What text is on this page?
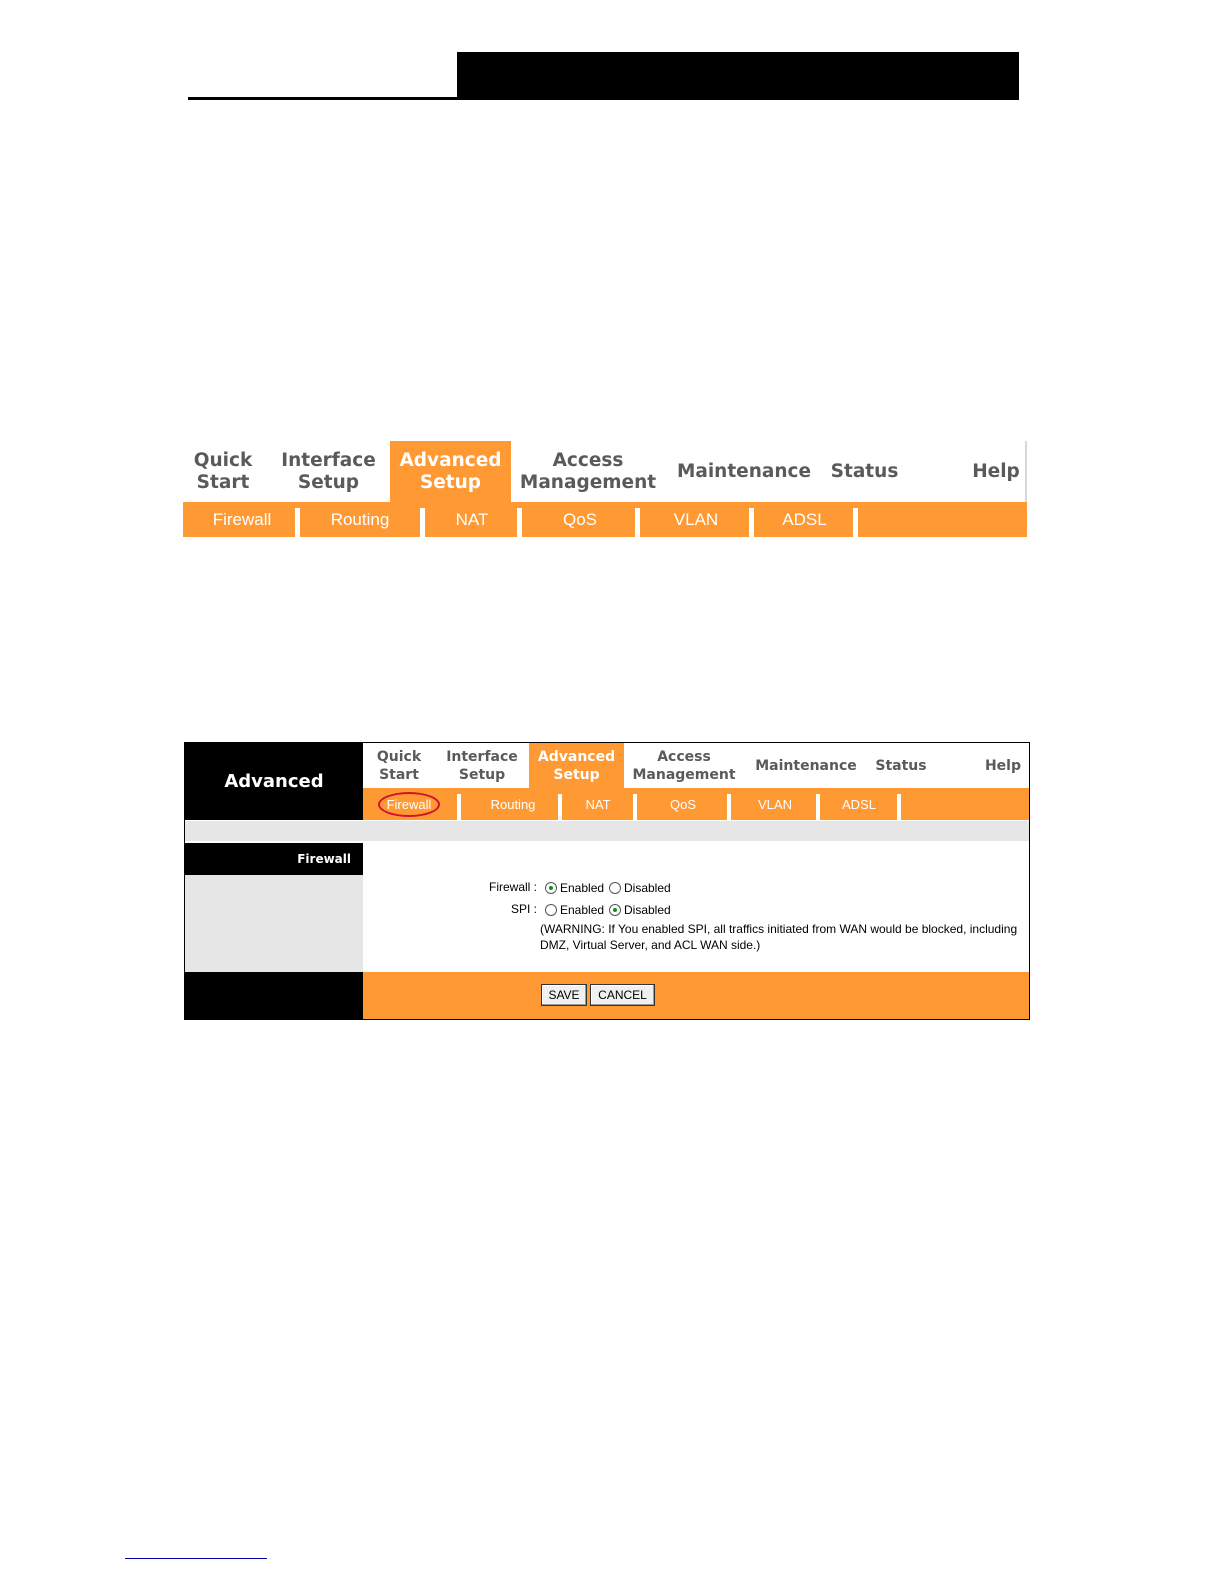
Quick
Start
Interface
Setup
Advanced
Setup
Access
Management
Maintenance Status	Help
Firewall	Routing	NAT	QoS	VLAN	ADSL
Advanced
Quick
Start
Interface
Setup
Advanced
Setup
Access
Management
Maintenance	Status	Help
Firewall	Routing	NAT	QoS	VLAN	ADSL
Firewall
Firewall : Enabled Disabled
SPI : Enabled Disabled
(WARNING: If You enabled SPI, all traffics initiated from WAN would be blocked, including DMZ, Virtual Server, and ACL WAN side.)
SAVE	CANCEL
